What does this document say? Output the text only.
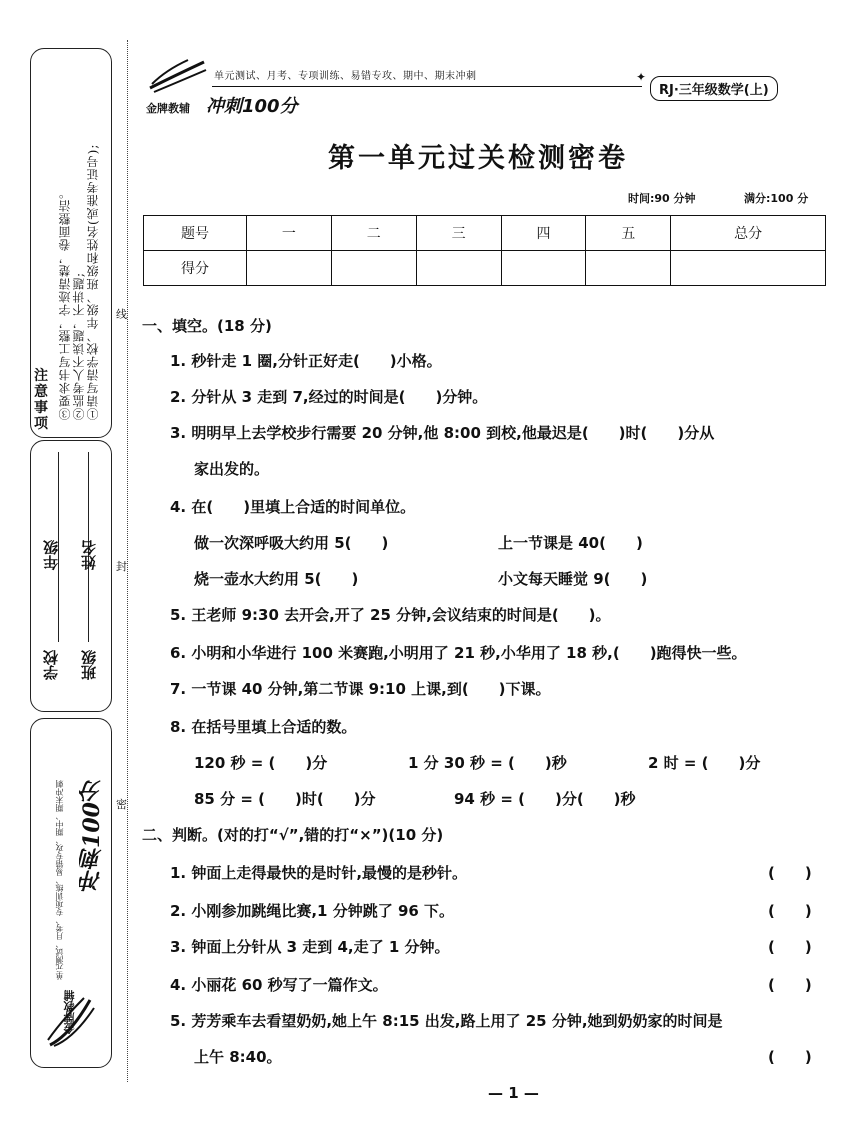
注意事项
①请写清学校、年级、班级和姓名(或准考证号);
②监考人不读题，不讲题;
③要求书写工整，字迹清楚，卷面整洁。
学校
年级
班级
姓名
单元测试、月考、专项训练、易错专攻、期中、期末冲刺 冲刺100分
金牌教辅
线
封
密
金牌教辅 冲刺100分
单元测试、月考、专项训练、易错专攻、期中、期末冲刺	✦
RJ·三年级数学(上)
第一单元过关检测密卷
时间:90 分钟	满分:100 分
题号	一	二	三	四	五	总分
得分						
一、填空。(18 分)
1. 秒针走 1 圈,分针正好走(　　)小格。
2. 分针从 3 走到 7,经过的时间是(　　)分钟。
3. 明明早上去学校步行需要 20 分钟,他 8:00 到校,他最迟是(　　)时(　　)分从
家出发的。
4. 在(　　)里填上合适的时间单位。
做一次深呼吸大约用 5(　　)	上一节课是 40(　　)
烧一壶水大约用 5(　　)	小文每天睡觉 9(　　)
5. 王老师 9:30 去开会,开了 25 分钟,会议结束的时间是(　　)。
6. 小明和小华进行 100 米赛跑,小明用了 21 秒,小华用了 18 秒,(　　)跑得快一些。
7. 一节课 40 分钟,第二节课 9:10 上课,到(　　)下课。
8. 在括号里填上合适的数。
120 秒 = (　　)分	1 分 30 秒 = (　　)秒	2 时 = (　　)分
85 分 = (　　)时(　　)分	94 秒 = (　　)分(　　)秒
二、判断。(对的打“√”,错的打“×”)(10 分)
1. 钟面上走得最快的是时针,最慢的是秒针。	(　　)
2. 小刚参加跳绳比赛,1 分钟跳了 96 下。	(　　)
3. 钟面上分针从 3 走到 4,走了 1 分钟。	(　　)
4. 小丽花 60 秒写了一篇作文。	(　　)
5. 芳芳乘车去看望奶奶,她上午 8:15 出发,路上用了 25 分钟,她到奶奶家的时间是
上午 8:40。	(　　)
— 1 —
